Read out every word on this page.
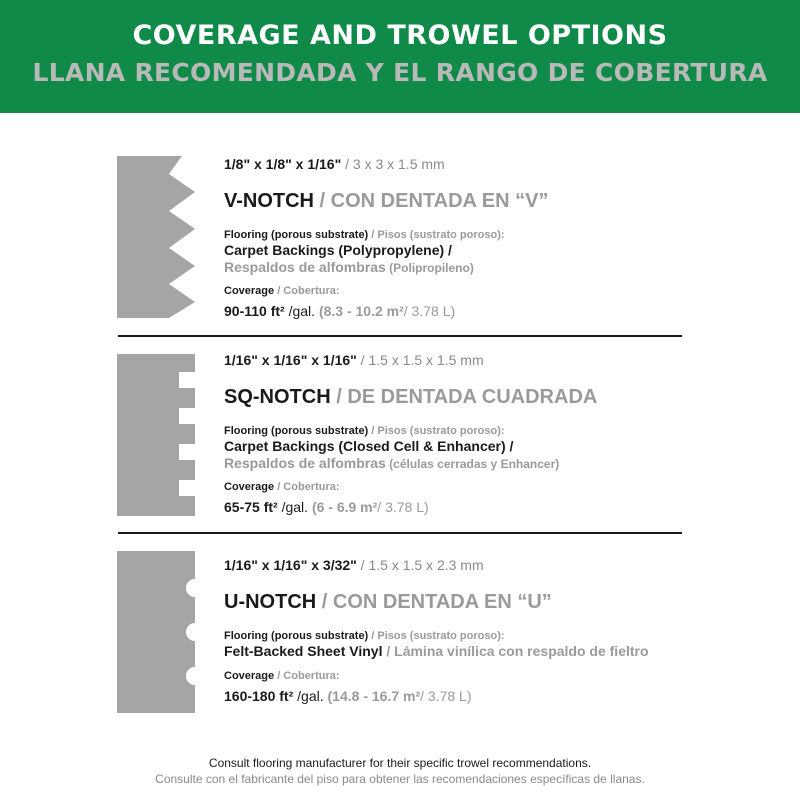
COVERAGE AND TROWEL OPTIONS
LLANA RECOMENDADA Y EL RANGO DE COBERTURA
1/8" x 1/8" x 1/16" / 3 x 3 x 1.5 mm
V-NOTCH / CON DENTADA EN “V”
Flooring (porous substrate) / Pisos (sustrato poroso):
Carpet Backings (Polypropylene) /
Respaldos de alfombras (Polipropileno)
Coverage / Cobertura:
90-110 ft² /gal. (8.3 - 10.2 m²/ 3.78 L)
1/16" x 1/16" x 1/16" / 1.5 x 1.5 x 1.5 mm
SQ-NOTCH / DE DENTADA CUADRADA
Flooring (porous substrate) / Pisos (sustrato poroso):
Carpet Backings (Closed Cell & Enhancer) /
Respaldos de alfombras (células cerradas y Enhancer)
Coverage / Cobertura:
65-75 ft² /gal. (6 - 6.9 m²/ 3.78 L)
1/16" x 1/16" x 3/32" / 1.5 x 1.5 x 2.3 mm
U-NOTCH / CON DENTADA EN “U”
Flooring (porous substrate) / Pisos (sustrato poroso):
Felt-Backed Sheet Vinyl / Lámina vinílica con respaldo de fieltro
Coverage / Cobertura:
160-180 ft² /gal. (14.8 - 16.7 m²/ 3.78 L)
Consult flooring manufacturer for their specific trowel recommendations.
Consulte con el fabricante del piso para obtener las recomendaciones específicas de llanas.
